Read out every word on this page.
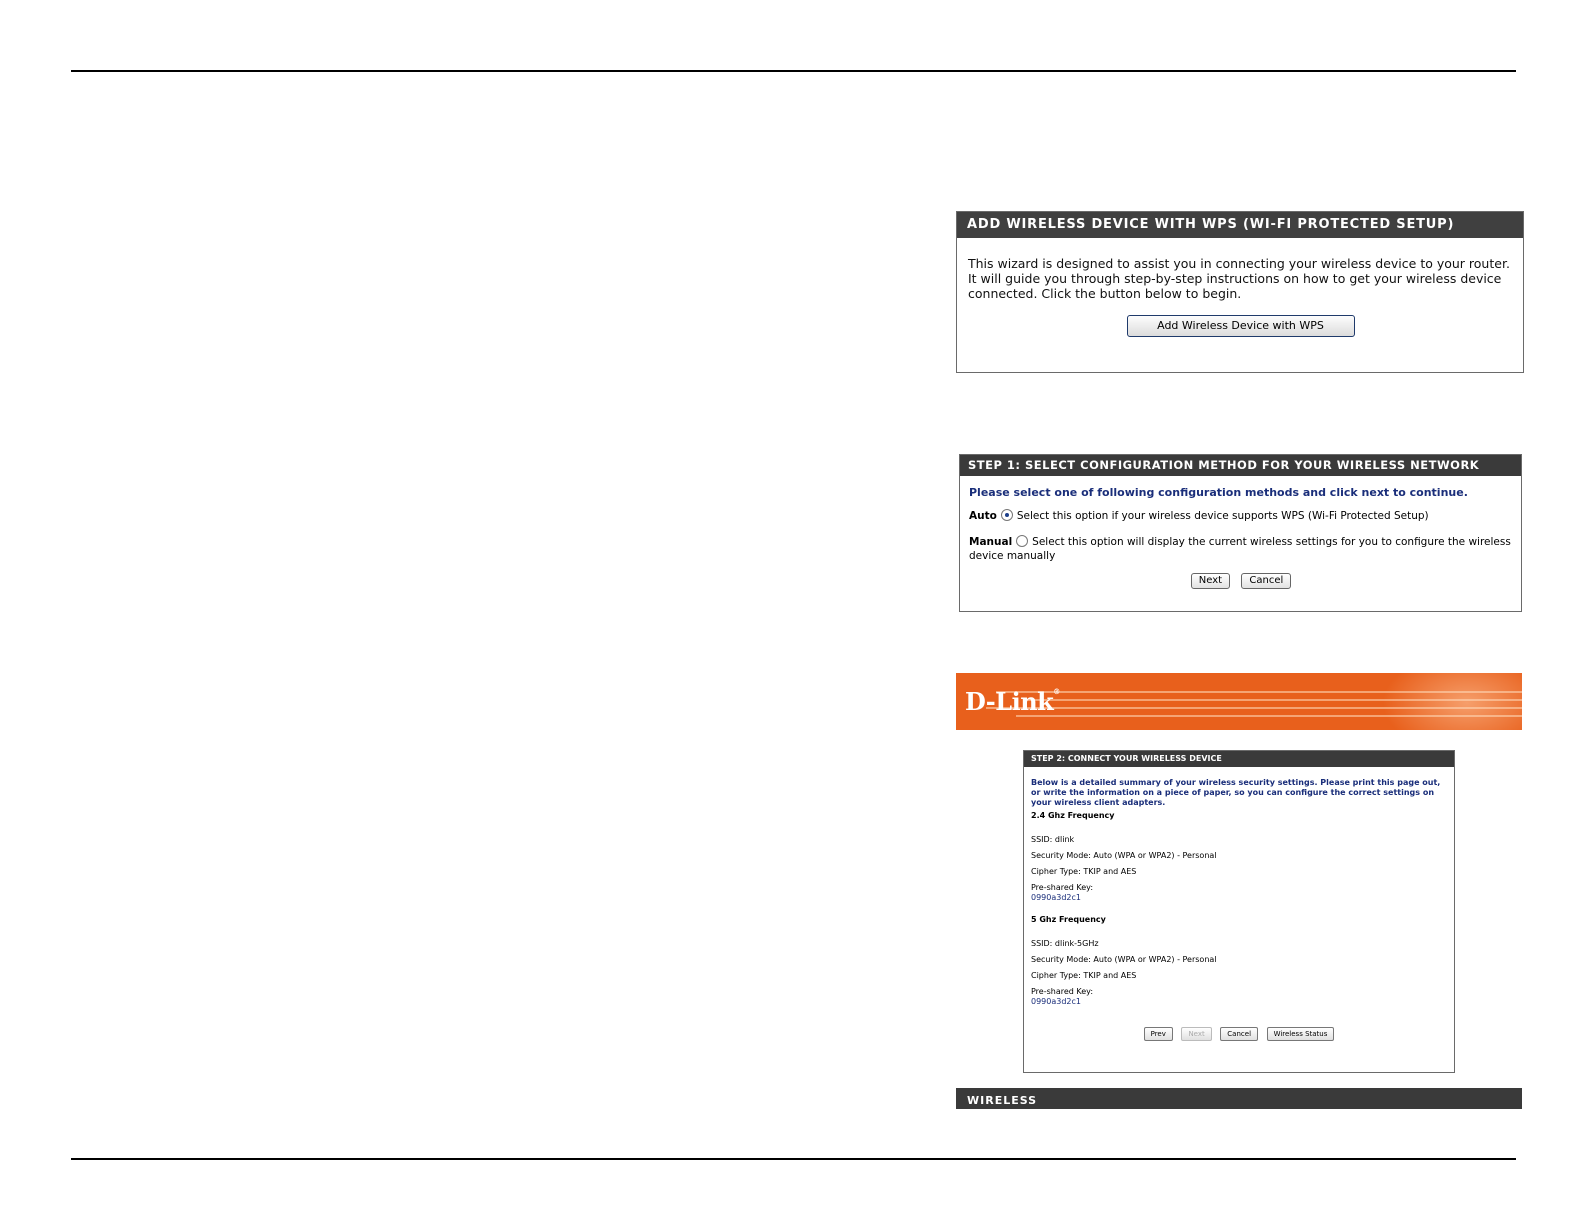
ADD WIRELESS DEVICE WITH WPS (WI-FI PROTECTED SETUP) WIZARD
This wizard is designed to assist you in connecting your wireless device to your router. It will guide you through step-by-step instructions on how to get your wireless device connected. Click the button below to begin.
Add Wireless Device with WPS
STEP 1: SELECT CONFIGURATION METHOD FOR YOUR WIRELESS NETWORK
Please select one of following configuration methods and click next to continue.
Auto Select this option if your wireless device supports WPS (Wi-Fi Protected Setup)
Manual Select this option will display the current wireless settings for you to configure the wireless device manually
Next	Cancel
D-Link®
STEP 2: CONNECT YOUR WIRELESS DEVICE
Below is a detailed summary of your wireless security settings. Please print this page out, or write the information on a piece of paper, so you can configure the correct settings on your wireless client adapters.
2.4 Ghz Frequency
SSID: dlink
Security Mode: Auto (WPA or WPA2) - Personal
Cipher Type: TKIP and AES
Pre-shared Key:
0990a3d2c1
5 Ghz Frequency
SSID: dlink-5GHz
Security Mode: Auto (WPA or WPA2) - Personal
Cipher Type: TKIP and AES
Pre-shared Key:
0990a3d2c1
Prev	Next	Cancel	Wireless Status
WIRELESS
